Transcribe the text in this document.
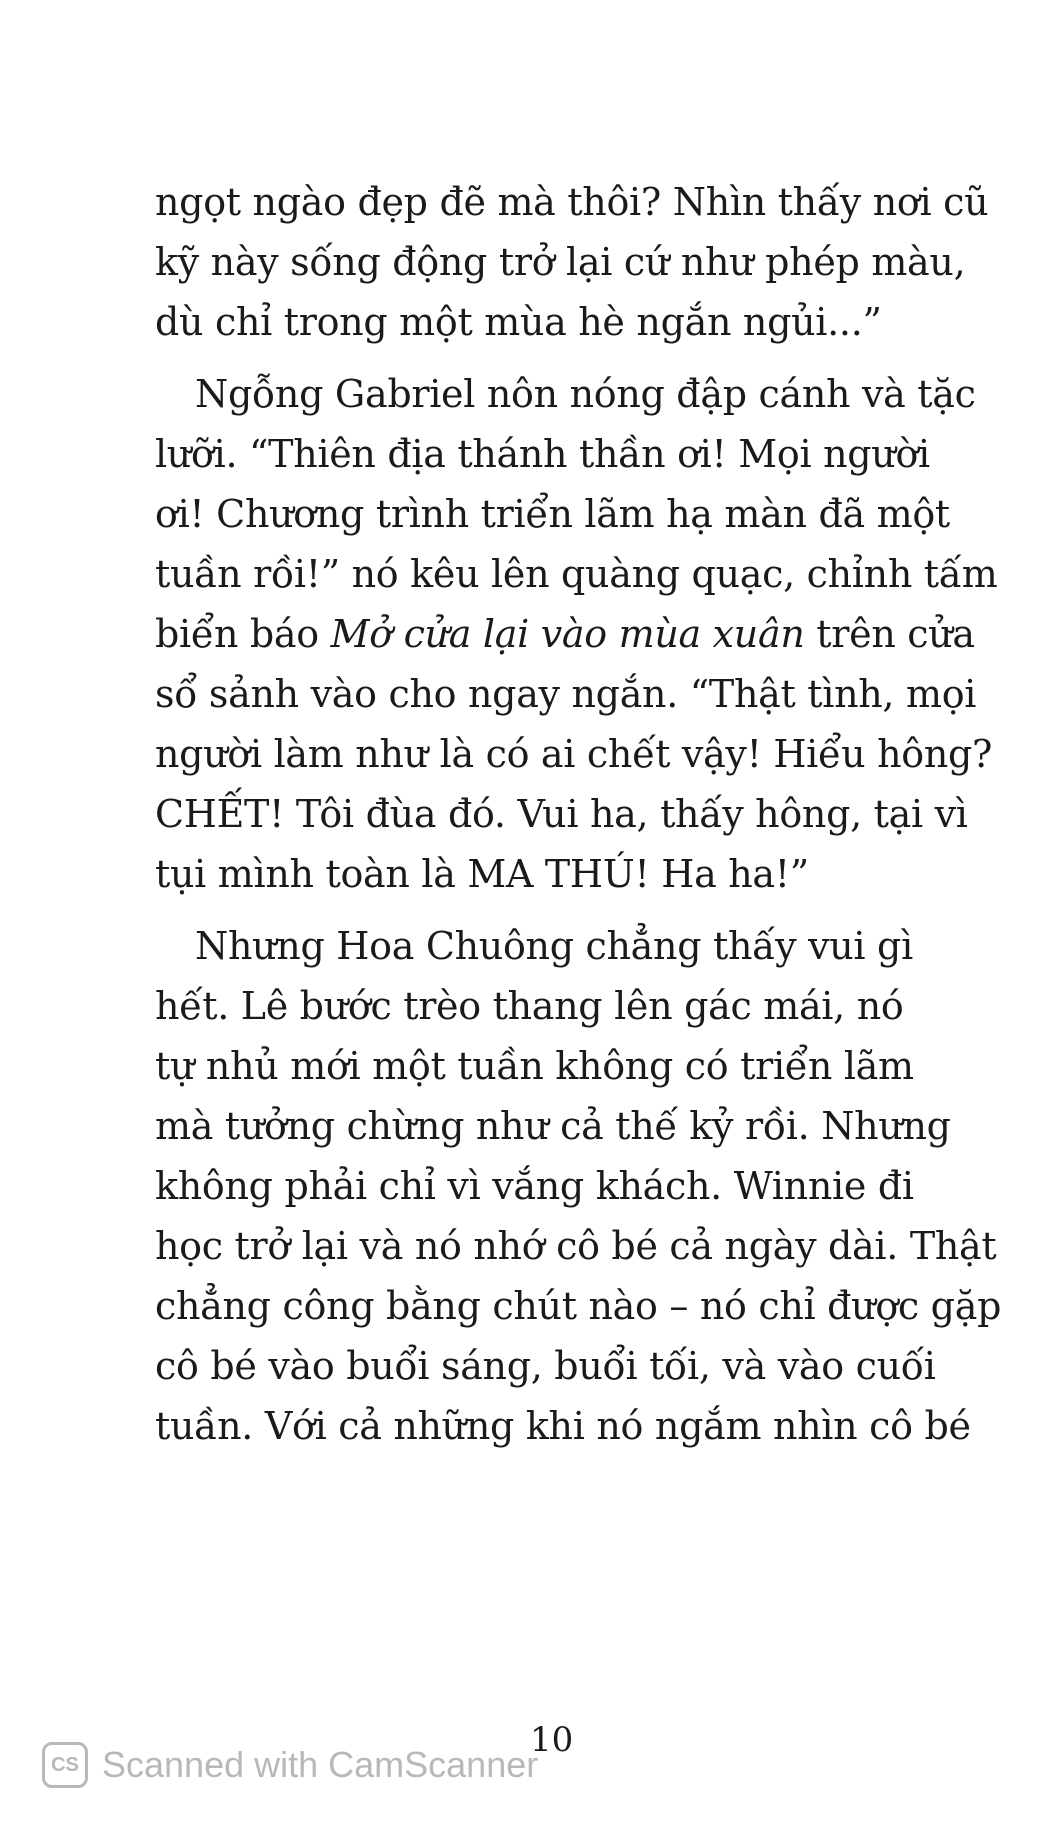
ngọt ngào đẹp đẽ mà thôi? Nhìn thấy nơi cũ
kỹ này sống động trở lại cứ như phép màu,
dù chỉ trong một mùa hè ngắn ngủi...”
Ngỗng Gabriel nôn nóng đập cánh và tặc
lưỡi. “Thiên địa thánh thần ơi! Mọi người
ơi! Chương trình triển lãm hạ màn đã một
tuần rồi!” nó kêu lên quàng quạc, chỉnh tấm
biển báo Mở cửa lại vào mùa xuân trên cửa
sổ sảnh vào cho ngay ngắn. “Thật tình, mọi
người làm như là có ai chết vậy! Hiểu hông?
CHẾT! Tôi đùa đó. Vui ha, thấy hông, tại vì
tụi mình toàn là MA THÚ! Ha ha!”
Nhưng Hoa Chuông chẳng thấy vui gì
hết. Lê bước trèo thang lên gác mái, nó
tự nhủ mới một tuần không có triển lãm
mà tưởng chừng như cả thế kỷ rồi. Nhưng
không phải chỉ vì vắng khách. Winnie đi
học trở lại và nó nhớ cô bé cả ngày dài. Thật
chẳng công bằng chút nào – nó chỉ được gặp
cô bé vào buổi sáng, buổi tối, và vào cuối
tuần. Với cả những khi nó ngắm nhìn cô bé
10
CS Scanned with CamScanner
